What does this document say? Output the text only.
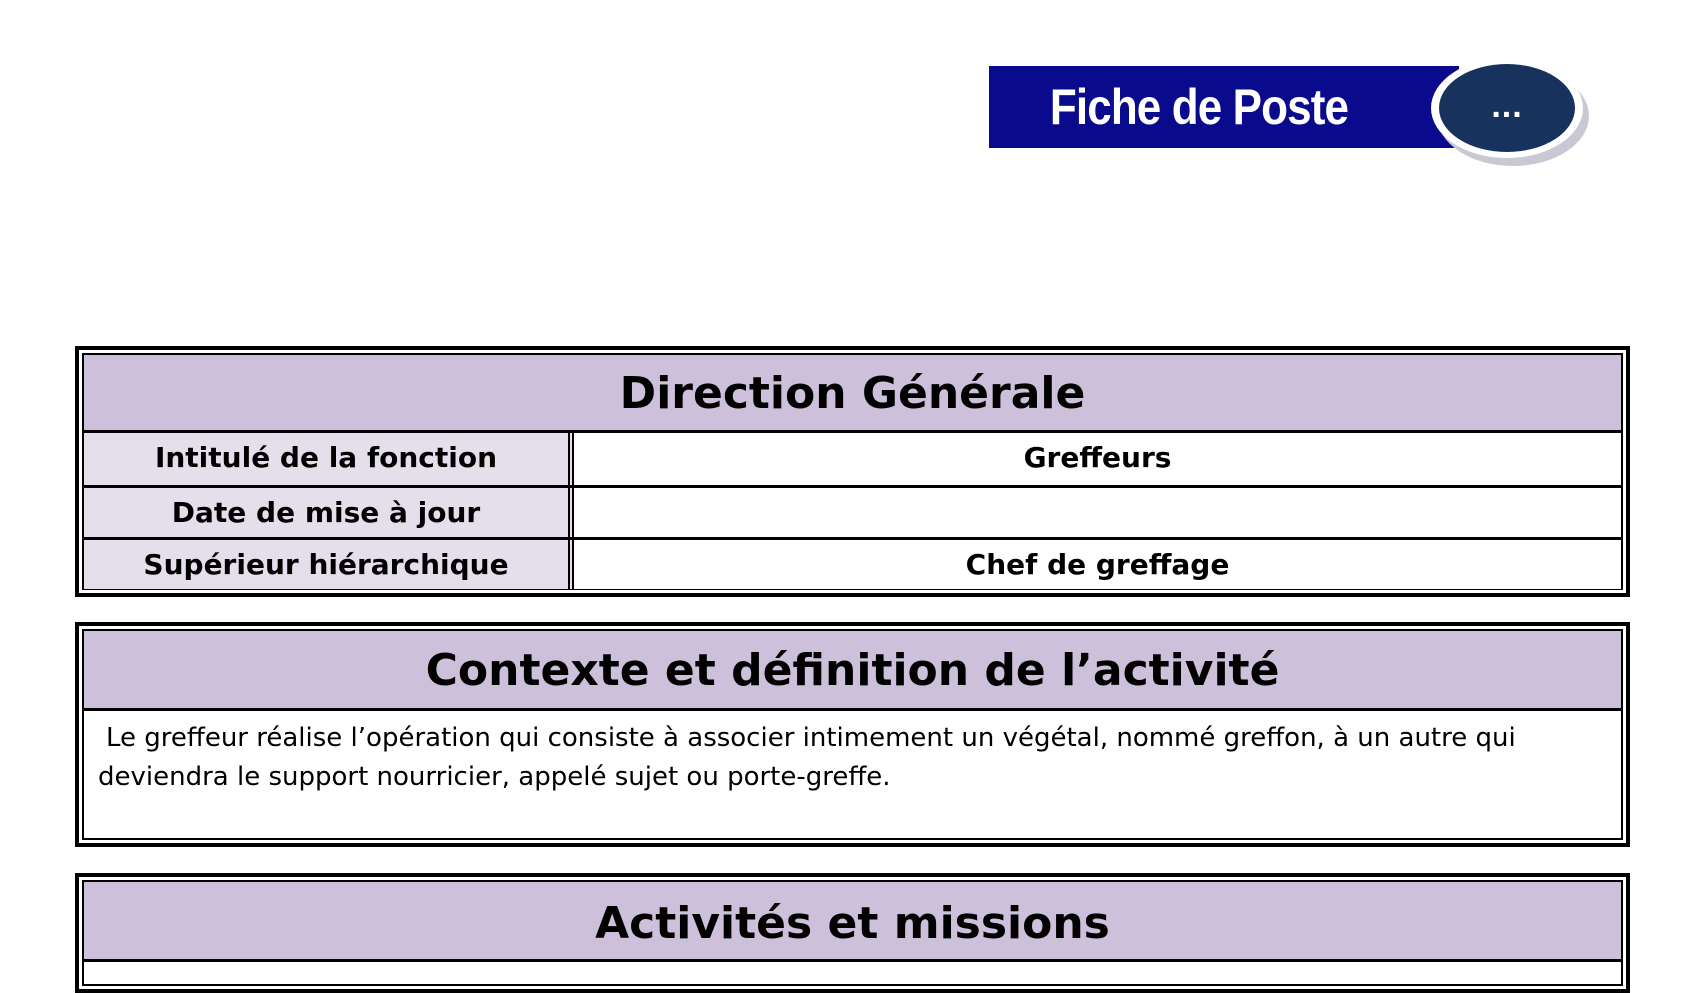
Fiche de Poste	...
Direction Générale
Intitulé de la fonction	Greffeurs
Date de mise à jour
Supérieur hiérarchique	Chef de greffage
Contexte et définition de l’activité
Le greffeur réalise l’opération qui consiste à associer intimement un végétal, nommé greffon, à un autre qui deviendra le support nourricier, appelé sujet ou porte-greffe.
Activités et missions
